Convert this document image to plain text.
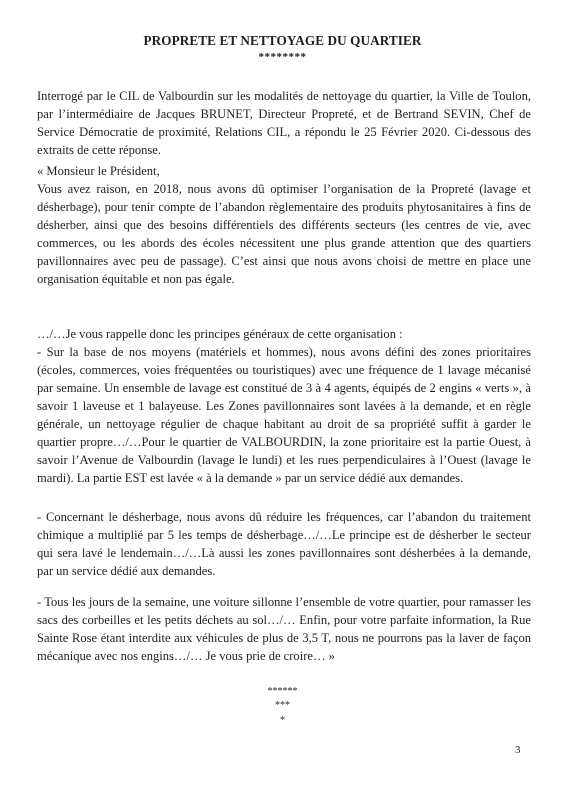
PROPRETE ET NETTOYAGE DU QUARTIER
********

Interrogé par le CIL de Valbourdin sur les modalités de nettoyage du quartier, la Ville de Toulon, par l’intermédiaire de Jacques BRUNET, Directeur Propreté, et de Bertrand SEVIN, Chef de Service Démocratie de proximité, Relations CIL, a répondu le 25 Février 2020. Ci-dessous des extraits de cette réponse.

« Monsieur le Président,
Vous avez raison, en 2018, nous avons dû optimiser l’organisation de la Propreté (lavage et désherbage), pour tenir compte de l’abandon règlementaire des produits phytosanitaires à fins de désherber, ainsi que des besoins différentiels des différents secteurs (les centres de vie, avec commerces, ou les abords des écoles nécessitent une plus grande attention que des quartiers pavillonnaires avec peu de passage). C’est ainsi que nous avons choisi de mettre en place une organisation équitable et non pas égale.
…/…Je vous rappelle donc les principes généraux de cette organisation :
- Sur la base de nos moyens (matériels et hommes), nous avons défini des zones prioritaires (écoles, commerces, voies fréquentées ou touristiques) avec une fréquence de 1 lavage mécanisé par semaine. Un ensemble de lavage est constitué de 3 à 4 agents, équipés de 2 engins « verts », à savoir 1 laveuse et 1 balayeuse. Les Zones pavillonnaires sont lavées à la demande, et en règle générale, un nettoyage régulier de chaque habitant au droit de sa propriété suffit à garder le quartier propre…/…Pour le quartier de VALBOURDIN, la zone prioritaire est la partie Ouest, à savoir l’Avenue de Valbourdin (lavage le lundi) et les rues perpendiculaires à l’Ouest (lavage le mardi). La partie EST est lavée « à la demande » par un service dédié aux demandes.

- Concernant le désherbage, nous avons dû réduire les fréquences, car l’abandon du traitement chimique a multiplié par 5 les temps de désherbage…/…Le principe est de désherber le secteur qui sera lavé le lendemain…/…Là aussi les zones pavillonnaires sont désherbées à la demande, par un service dédié aux demandes.

- Tous les jours de la semaine, une voiture sillonne l’ensemble de votre quartier, pour ramasser les sacs des corbeilles et les petits déchets au sol…/… Enfin, pour votre parfaite information, la Rue Sainte Rose étant interdite aux véhicules de plus de 3,5 T, nous ne pourrons pas la laver de façon mécanique avec nos engins…/… Je vous prie de croire… »

******
***
*
3
